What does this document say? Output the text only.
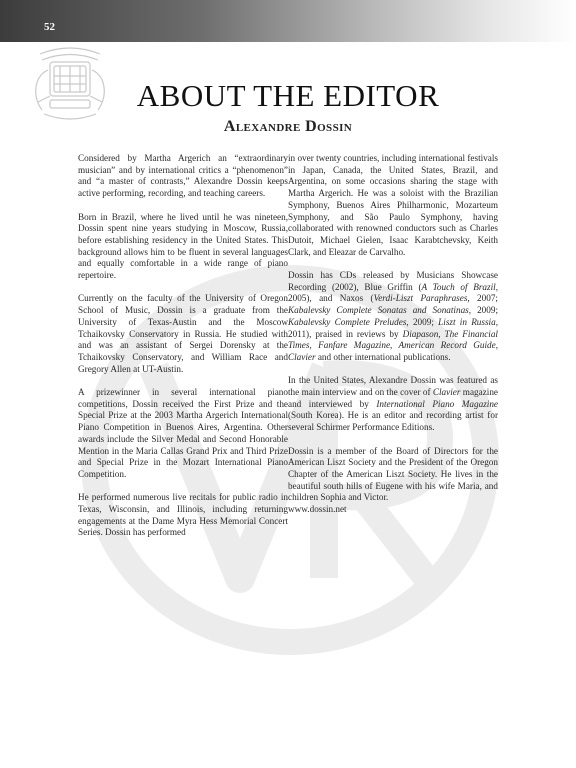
52
ABOUT THE EDITOR
Alexandre Dossin

Considered by Martha Argerich an “extraordinary musician” and by international critics a “phenomenon” and “a master of contrasts,” Alexandre Dossin keeps active performing, recording, and teaching careers.

Born in Brazil, where he lived until he was nineteen, Dossin spent nine years studying in Moscow, Russia, before establishing residency in the United States. This background allows him to be fluent in several languages and equally comfortable in a wide range of piano repertoire.

Currently on the faculty of the University of Oregon School of Music, Dossin is a graduate from the University of Texas-Austin and the Moscow Tchaikovsky Conservatory in Russia. He studied with and was an assistant of Sergei Dorensky at the Tchaikovsky Conservatory, and William Race and Gregory Allen at UT-Austin.

A prizewinner in several international piano competitions, Dossin received the First Prize and the Special Prize at the 2003 Martha Argerich International Piano Competition in Buenos Aires, Argentina. Other awards include the Silver Medal and Second Honorable Mention in the Maria Callas Grand Prix and Third Prize and Special Prize in the Mozart International Piano Competition.

He performed numerous live recitals for public radio in Texas, Wisconsin, and Illinois, including returning engagements at the Dame Myra Hess Memorial Concert Series. Dossin has performed

in over twenty countries, including international festivals in Japan, Canada, the United States, Brazil, and Argentina, on some occasions sharing the stage with Martha Argerich. He was a soloist with the Brazilian Symphony, Buenos Aires Philharmonic, Mozarteum Symphony, and São Paulo Symphony, having collaborated with renowned conductors such as Charles Dutoit, Michael Gielen, Isaac Karabtchevsky, Keith Clark, and Eleazar de Carvalho.

Dossin has CDs released by Musicians Showcase Recording (2002), Blue Griffin (A Touch of Brazil, 2005), and Naxos (Verdi-Liszt Paraphrases, 2007; Kabalevsky Complete Sonatas and Sonatinas, 2009; Kabalevsky Complete Preludes, 2009; Liszt in Russia, 2011), praised in reviews by Diapason, The Financial Times, Fanfare Magazine, American Record Guide, Clavier and other international publications.

In the United States, Alexandre Dossin was featured as the main interview and on the cover of Clavier magazine and interviewed by International Piano Magazine (South Korea). He is an editor and recording artist for several Schirmer Performance Editions.

Dossin is a member of the Board of Directors for the American Liszt Society and the President of the Oregon Chapter of the American Liszt Society. He lives in the beautiful south hills of Eugene with his wife Maria, and children Sophia and Victor.
www.dossin.net
